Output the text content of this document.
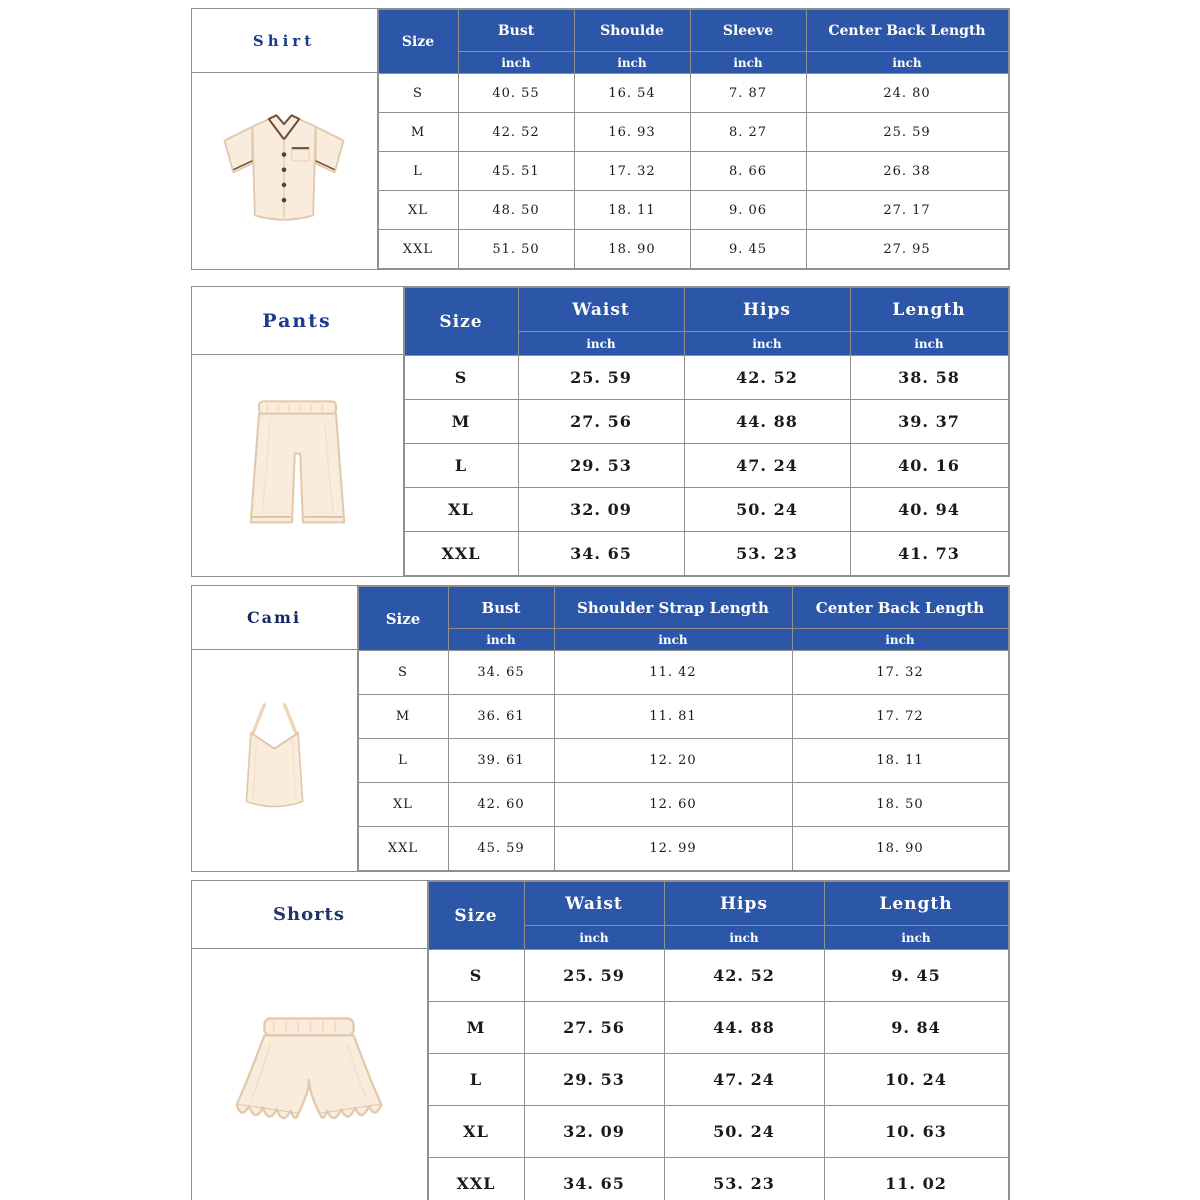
Shirt	Size	Bust	Shoulde	Sleeve	Center Back Length
	inch	inch	inch	inch
S	40. 55	16. 54	7. 87	24. 80
M	42. 52	16. 93	8. 27	25. 59
L	45. 51	17. 32	8. 66	26. 38
XL	48. 50	18. 11	9. 06	27. 17
XXL	51. 50	18. 90	9. 45	27. 95
Pants	Size	Waist	Hips	Length
	inch	inch	inch
S	25. 59	42. 52	38. 58
M	27. 56	44. 88	39. 37
L	29. 53	47. 24	40. 16
XL	32. 09	50. 24	40. 94
XXL	34. 65	53. 23	41. 73
Cami	Size	Bust	Shoulder Strap Length	Center Back Length
	inch	inch	inch
S	34. 65	11. 42	17. 32
M	36. 61	11. 81	17. 72
L	39. 61	12. 20	18. 11
XL	42. 60	12. 60	18. 50
XXL	45. 59	12. 99	18. 90
Shorts	Size	Waist	Hips	Length
	inch	inch	inch
S	25. 59	42. 52	9. 45
M	27. 56	44. 88	9. 84
L	29. 53	47. 24	10. 24
XL	32. 09	50. 24	10. 63
XXL	34. 65	53. 23	11. 02
